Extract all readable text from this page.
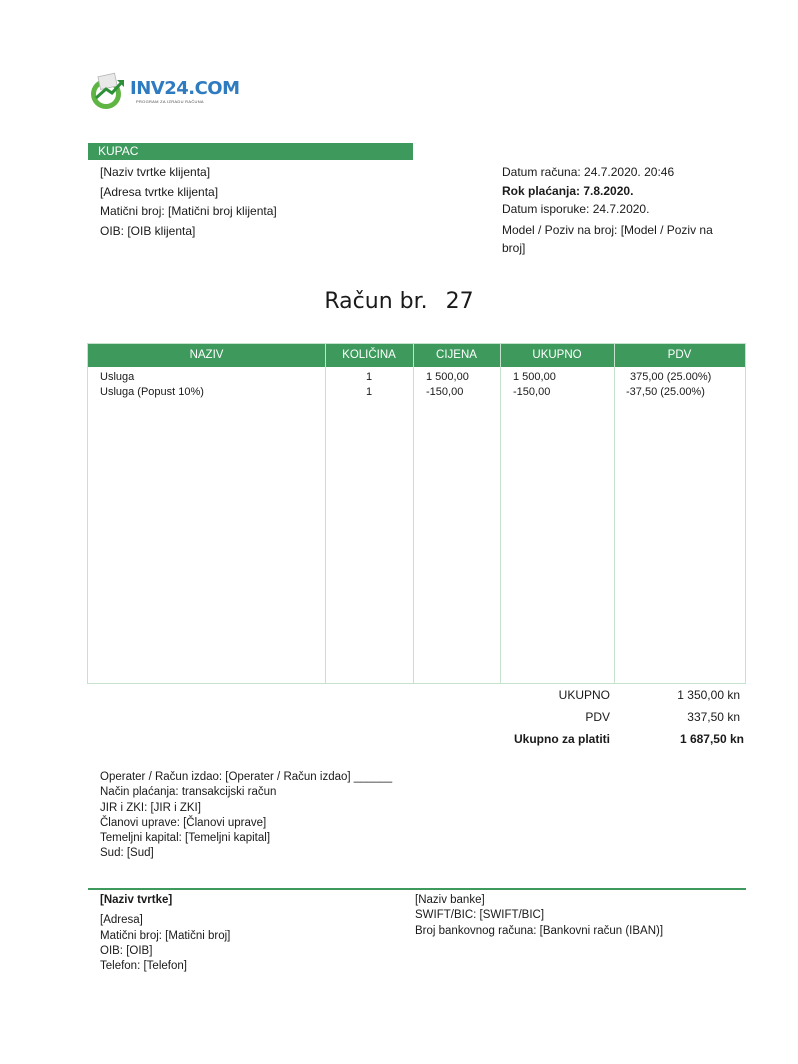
INV24.COM
PROGRAM ZA IZRADU RAČUNA
KUPAC
[Naziv tvrtke klijenta]
[Adresa tvrtke klijenta]
Matični broj: [Matični broj klijenta]
OIB: [OIB klijenta]
Datum računa: 24.7.2020. 20:46
Rok plaćanja: 7.8.2020.
Datum isporuke: 24.7.2020.
Model / Poziv na broj: [Model / Poziv na
broj]
Račun br. 27
NAZIV	KOLIČINA	CIJENA	UKUPNO	PDV
Usluga	1	1 500,00	1 500,00	375,00 (25.00%)
Usluga (Popust 10%)	1	-150,00	-150,00	-37,50 (25.00%)
UKUPNO	1 350,00 kn
PDV	337,50 kn
Ukupno za platiti	1 687,50 kn
Operater / Račun izdao: [Operater / Račun izdao] ______
Način plaćanja: transakcijski račun
JIR i ZKI: [JIR i ZKI]
Članovi uprave: [Članovi uprave]
Temeljni kapital: [Temeljni kapital]
Sud: [Sud]
[Naziv tvrtke]
[Adresa]
Matični broj: [Matični broj]
OIB: [OIB]
Telefon: [Telefon]
[Naziv banke]
SWIFT/BIC: [SWIFT/BIC]
Broj bankovnog računa: [Bankovni račun (IBAN)]
